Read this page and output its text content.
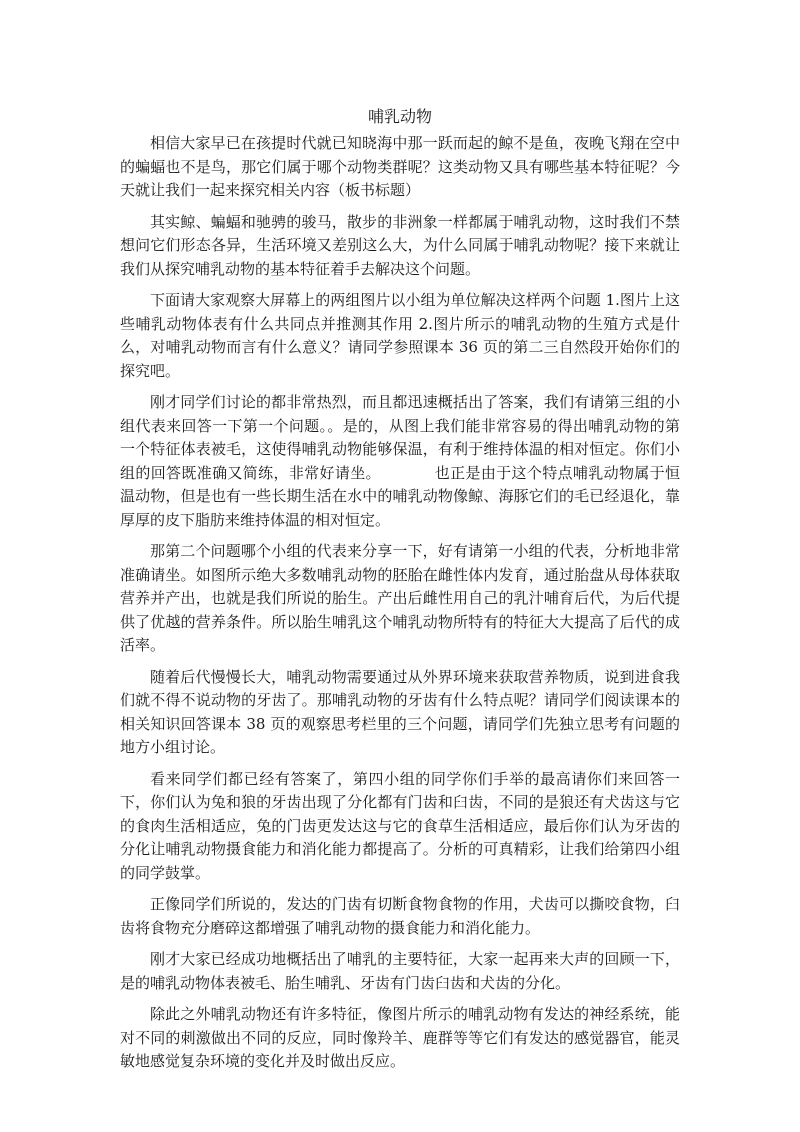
哺乳动物

相信大家早已在孩提时代就已知晓海中那一跃而起的鲸不是鱼，夜晚飞翔在空中的蝙蝠也不是鸟，那它们属于哪个动物类群呢？这类动物又具有哪些基本特征呢？今天就让我们一起来探究相关内容（板书标题）

其实鲸、蝙蝠和驰骋的骏马，散步的非洲象一样都属于哺乳动物，这时我们不禁想问它们形态各异，生活环境又差别这么大，为什么同属于哺乳动物呢？接下来就让我们从探究哺乳动物的基本特征着手去解决这个问题。

下面请大家观察大屏幕上的两组图片以小组为单位解决这样两个问题 1.图片上这些哺乳动物体表有什么共同点并推测其作用 2.图片所示的哺乳动物的生殖方式是什么，对哺乳动物而言有什么意义？请同学参照课本 36 页的第二三自然段开始你们的探究吧。

刚才同学们讨论的都非常热烈，而且都迅速概括出了答案，我们有请第三组的小组代表来回答一下第一个问题。。是的，从图上我们能非常容易的得出哺乳动物的第一个特征体表被毛，这使得哺乳动物能够保温，有利于维持体温的相对恒定。你们小组的回答既准确又简练，非常好请坐。　　　　也正是由于这个特点哺乳动物属于恒温动物，但是也有一些长期生活在水中的哺乳动物像鲸、海豚它们的毛已经退化，靠厚厚的皮下脂肪来维持体温的相对恒定。

那第二个问题哪个小组的代表来分享一下，好有请第一小组的代表，分析地非常准确请坐。如图所示绝大多数哺乳动物的胚胎在雌性体内发育，通过胎盘从母体获取营养并产出，也就是我们所说的胎生。产出后雌性用自己的乳汁哺育后代，为后代提供了优越的营养条件。所以胎生哺乳这个哺乳动物所特有的特征大大提高了后代的成活率。

随着后代慢慢长大，哺乳动物需要通过从外界环境来获取营养物质，说到进食我们就不得不说动物的牙齿了。那哺乳动物的牙齿有什么特点呢？请同学们阅读课本的相关知识回答课本 38 页的观察思考栏里的三个问题，请同学们先独立思考有问题的地方小组讨论。

看来同学们都已经有答案了，第四小组的同学你们手举的最高请你们来回答一下，你们认为兔和狼的牙齿出现了分化都有门齿和臼齿，不同的是狼还有犬齿这与它的食肉生活相适应，兔的门齿更发达这与它的食草生活相适应，最后你们认为牙齿的分化让哺乳动物摄食能力和消化能力都提高了。分析的可真精彩，让我们给第四小组的同学鼓掌。

正像同学们所说的，发达的门齿有切断食物食物的作用，犬齿可以撕咬食物，臼齿将食物充分磨碎这都增强了哺乳动物的摄食能力和消化能力。

刚才大家已经成功地概括出了哺乳的主要特征，大家一起再来大声的回顾一下，是的哺乳动物体表被毛、胎生哺乳、牙齿有门齿臼齿和犬齿的分化。

除此之外哺乳动物还有许多特征，像图片所示的哺乳动物有发达的神经系统，能对不同的刺激做出不同的反应，同时像羚羊、鹿群等等它们有发达的感觉器官，能灵敏地感觉复杂环境的变化并及时做出反应。
